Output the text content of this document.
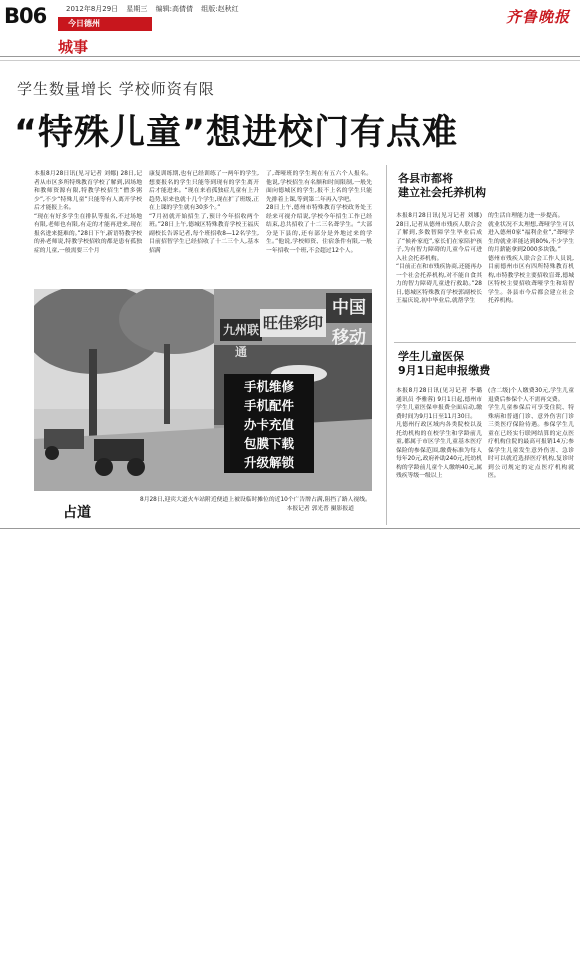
B06	2012年8月29日 星期三 编辑:高倩倩 组版:赵秋红
今日德州
城事
齐鲁晚报
学生数量增长 学校师资有限
“特殊儿童”想进校门有点难
本报8月28日讯(见习记者 刘娜) 28日,记者从市区多所特殊教育学校了解到,因场地和教师资源有限,特教学校招生“僧多粥少”,不少“特殊儿童”只能等有人离开学校后才能报上名。
“现在有好多学生在排队等报名,不过场地有限,老师也有限,有走的才能再进来,现在报名进来挺难的。”28日下午,新语特教学校的孙老师说,特教学校招收的都是患有孤独症的儿童,一般需要三个月
康复训练期,也有已经训练了一两年的学生,想要报名的学生只能等到现有的学生离开后才能进来。“现在来看孤独症儿童有上升趋势,原来也就十几个学生,现在扩了班级,正在上课的学生就有30多个。”
“7月初就开始招生了,预计今年招收两个班。”28日上午,德城区特殊教育学校王福庆副校长告诉记者,每个班招收8—12名学生,目前招智学生已经招收了十二三个人,基本招满
了,聋哑班的学生现在有五六个人报名。他说,学校招生有名额和时间限制,一般先面向德城区的学生,报不上名的学生只能先排着上课,等到第二年再入学吧。
28日上午,德州市特殊教育学校政务处王经来可视介绍说,学校今年招生工作已经结束,总共招收了十二三名聋学生。“大部分是下县的,还有部分是外地过来的学生。”他说,学校师资、住宿条件有限,一般一年招收一个班,不会超过12个人。
九州联通
旺佳彩印
中国移动
手机维修
手机配件
办卡充值
包膜下载
升级解锁
占道
8月28日,迎宾大道火车站附近便道上被设临时摊位的近10个广告牌占满,阻挡了路人视线。
本报记者 郭光普 摄影报道
各县市都将
建立社会托养机构
本报8月28日讯(见习记者 刘娜) 28日,记者从德州市残疾人联合会了解到,多数智障学生毕业后成了“候补家庭”,家长们在家陪护孩子,为有智力障碍的儿童今后可进入社会托养机构。
“目前正在和市残疾协商,还能再办一个社会托养机构,对不能自食其力的智力障碍儿童进行救助。”28日,德城区特殊教育学校郭副校长王福庆说,初中毕业后,就帮学生
的生活自理能力进一步提高。
就业状况不太理想,聋哑学生可以进入德州0家“福利企业”,“聋哑学生的就业率能达到80%,不少学生的月薪能拿到2000多块钱。”
德州市残疾人联合会工作人员说,目前德州市区有四所特殊教育机构,市特教学校主要招收盲聋,德城区特校主要招收聋哑学生和培智学生。各县市今后都会建立社会托养机构。
学生儿童医保
9月1日起申报缴费
本报8月28日讯(见习记者 李璐 通讯员 李雅蓉) 9月1日起,德州市学生儿童医保申报费全面启动,缴费时间为9月1日至11月30日。
凡德州行政区域内各类院校以及托幼机构的在校学生和学龄前儿童,都属于市区学生儿童基本医疗保险的参保范围,缴费标准为每人每年20元,政府补助240元,托幼机构的学龄前儿童个人缴纳40元,属残疾等级一级以上
(含二级)个人缴费30元,学生儿童退费后参保个人不需再交费。
学生儿童参保后可享受住院、特殊病和普通门诊、意外伤害门诊三类医疗保险待遇。参保学生儿童在已经实行联网结算的定点医疗机构住院的最高可报销14万;参保学生儿童发生意外伤害、急诊时可以就近选择医疗机构,复诊时到公司规定的定点医疗机构就医。
